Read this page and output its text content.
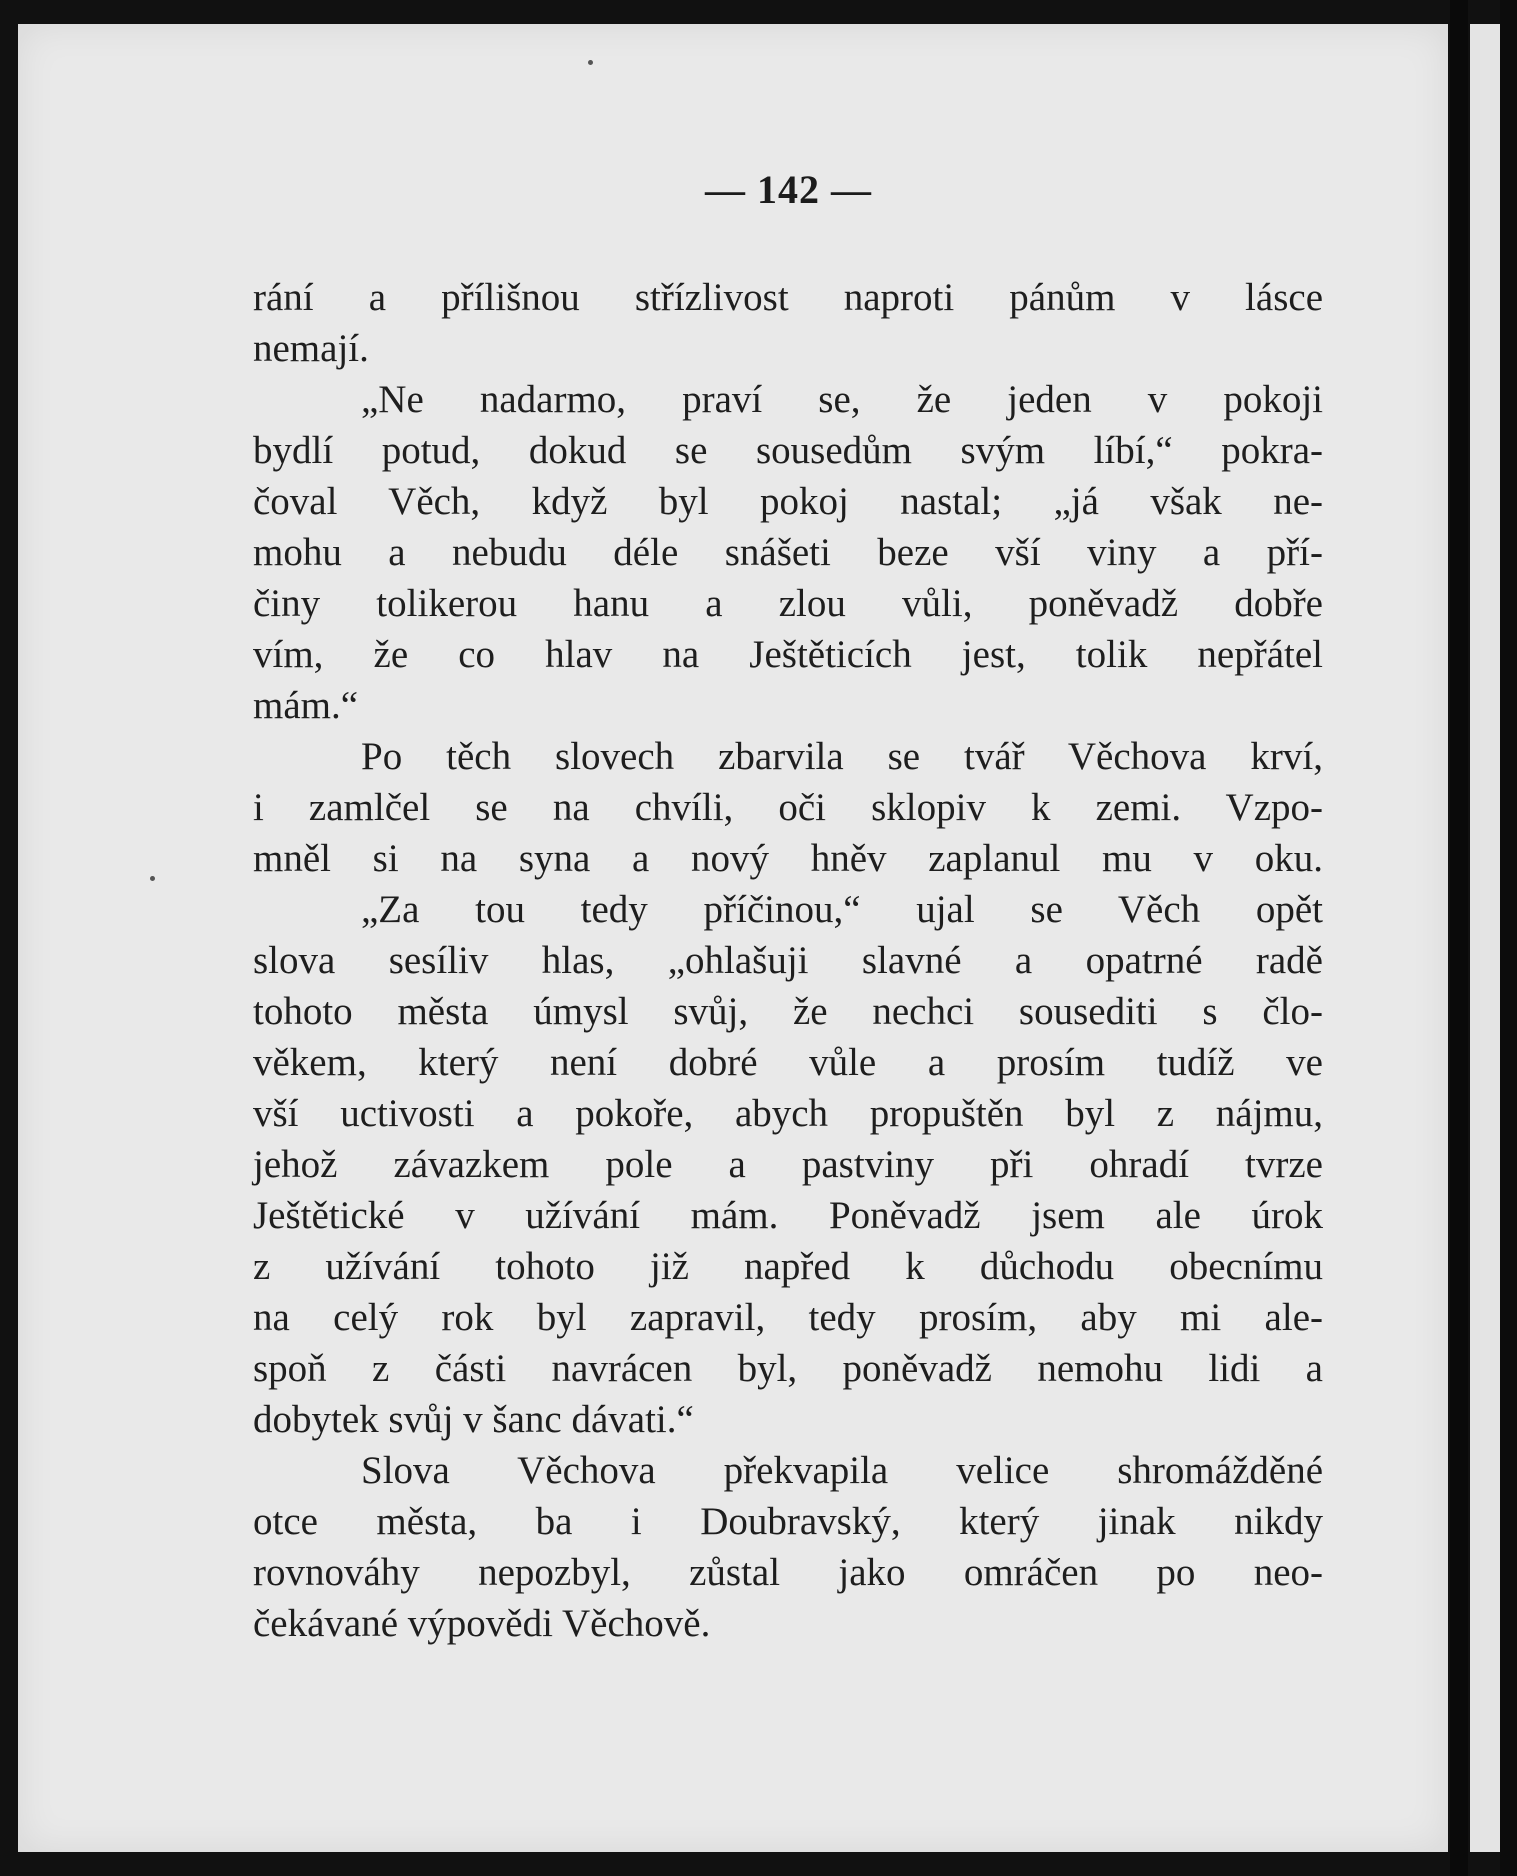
— 142 —
rání a přílišnou střízlivost naproti pánům v lásce
nemají.
„Ne nadarmo, praví se, že jeden v pokoji
bydlí potud, dokud se sousedům svým líbí,“ pokra-
čoval Věch, když byl pokoj nastal; „já však ne-
mohu a nebudu déle snášeti beze vší viny a pří-
činy tolikerou hanu a zlou vůli, poněvadž dobře
vím, že co hlav na Ještěticích jest, tolik nepřátel
mám.“
Po těch slovech zbarvila se tvář Věchova krví,
i zamlčel se na chvíli, oči sklopiv k zemi. Vzpo-
mněl si na syna a nový hněv zaplanul mu v oku.
„Za tou tedy příčinou,“ ujal se Věch opět
slova sesíliv hlas, „ohlašuji slavné a opatrné radě
tohoto města úmysl svůj, že nechci sousediti s člo-
věkem, který není dobré vůle a prosím tudíž ve
vší uctivosti a pokoře, abych propuštěn byl z nájmu,
jehož závazkem pole a pastviny při ohradí tvrze
Ještětické v užívání mám. Poněvadž jsem ale úrok
z užívání tohoto již napřed k důchodu obecnímu
na celý rok byl zapravil, tedy prosím, aby mi ale-
spoň z části navrácen byl, poněvadž nemohu lidi a
dobytek svůj v šanc dávati.“
Slova Věchova překvapila velice shromážděné
otce města, ba i Doubravský, který jinak nikdy
rovnováhy nepozbyl, zůstal jako omráčen po neo-
čekávané výpovědi Věchově.
